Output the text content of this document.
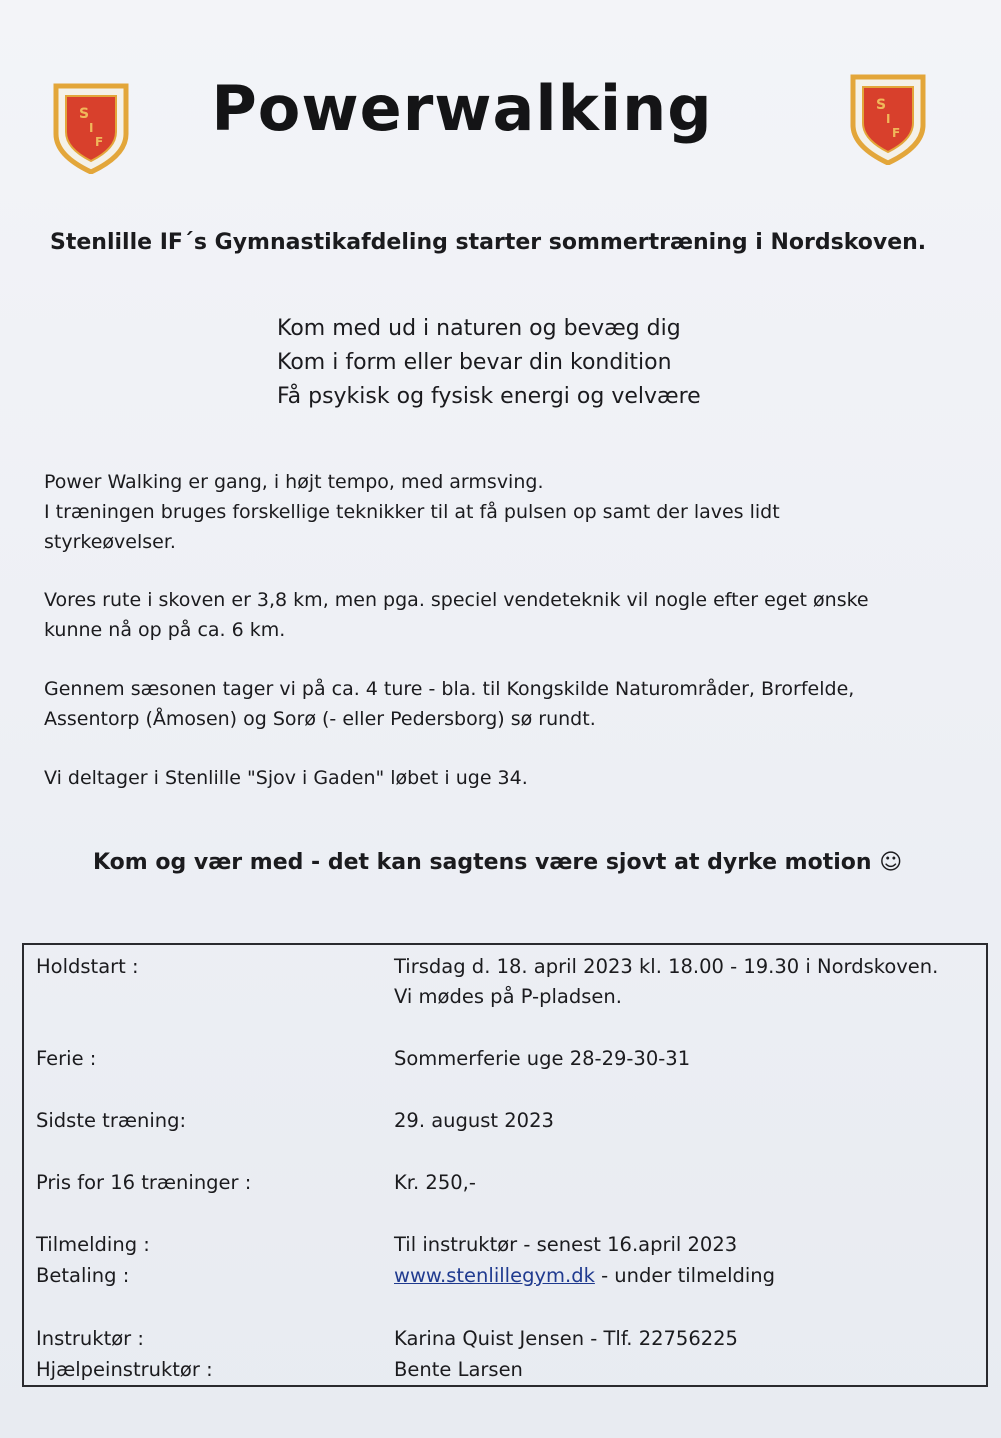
S
I
F
S
I
F
Powerwalking
Stenlille IF´s Gymnastikafdeling starter sommertræning i Nordskoven.
Kom med ud i naturen og bevæg dig
Kom i form eller bevar din kondition
Få psykisk og fysisk energi og velvære
Power Walking er gang, i højt tempo, med armsving.
I træningen bruges forskellige teknikker til at få pulsen op samt der laves lidt
styrkeøvelser.
Vores rute i skoven er 3,8 km, men pga. speciel vendeteknik vil nogle efter eget ønske
kunne nå op på ca. 6 km.
Gennem sæsonen tager vi på ca. 4 ture - bla. til Kongskilde Naturområder, Brorfelde,
Assentorp (Åmosen) og Sorø (- eller Pedersborg) sø rundt.
Vi deltager i Stenlille "Sjov i Gaden" løbet i uge 34.
Kom og vær med - det kan sagtens være sjovt at dyrke motion ☺
Holdstart :	Tirsdag d. 18. april 2023 kl. 18.00 - 19.30 i Nordskoven.
Vi mødes på P-pladsen.
Ferie :	Sommerferie uge 28-29-30-31
Sidste træning:	29. august 2023
Pris for 16 træninger :	Kr. 250,-
Tilmelding :	Til instruktør - senest 16.april 2023
Betaling :	www.stenlillegym.dk - under tilmelding
Instruktør :	Karina Quist Jensen - Tlf. 22756225
Hjælpeinstruktør :	Bente Larsen
